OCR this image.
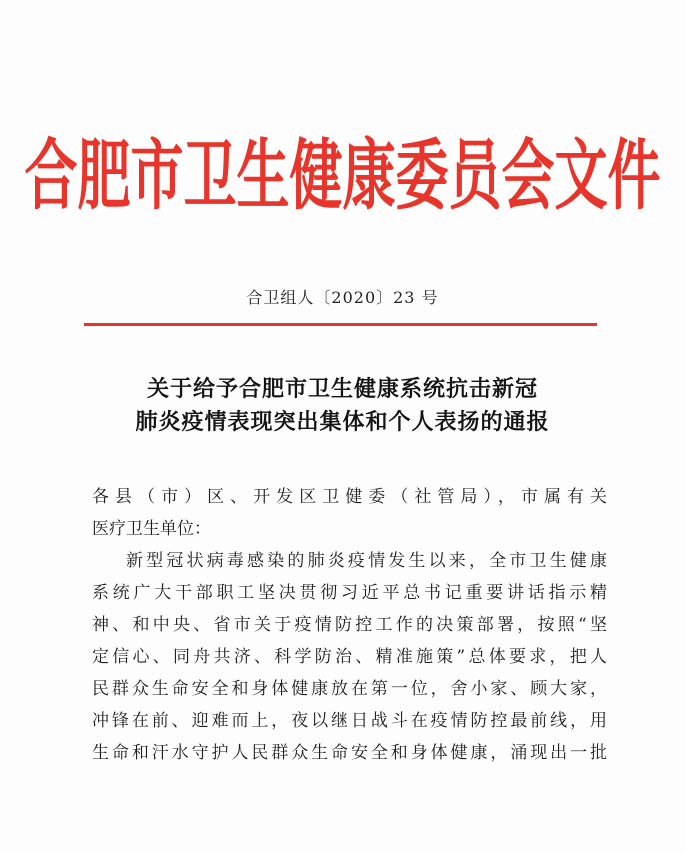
合肥市卫生健康委员会文件
合卫组人〔2020〕23 号
关于给予合肥市卫生健康系统抗击新冠
肺炎疫情表现突出集体和个人表扬的通报
各县（市）区、开发区卫健委（社管局），市属有关
医疗卫生单位：
新型冠状病毒感染的肺炎疫情发生以来，全市卫生健康
系统广大干部职工坚决贯彻习近平总书记重要讲话指示精
神、和中央、省市关于疫情防控工作的决策部署，按照“坚
定信心、同舟共济、科学防治、精准施策”总体要求，把人
民群众生命安全和身体健康放在第一位，舍小家、顾大家，
冲锋在前、迎难而上，夜以继日战斗在疫情防控最前线，用
生命和汗水守护人民群众生命安全和身体健康，涌现出一批
